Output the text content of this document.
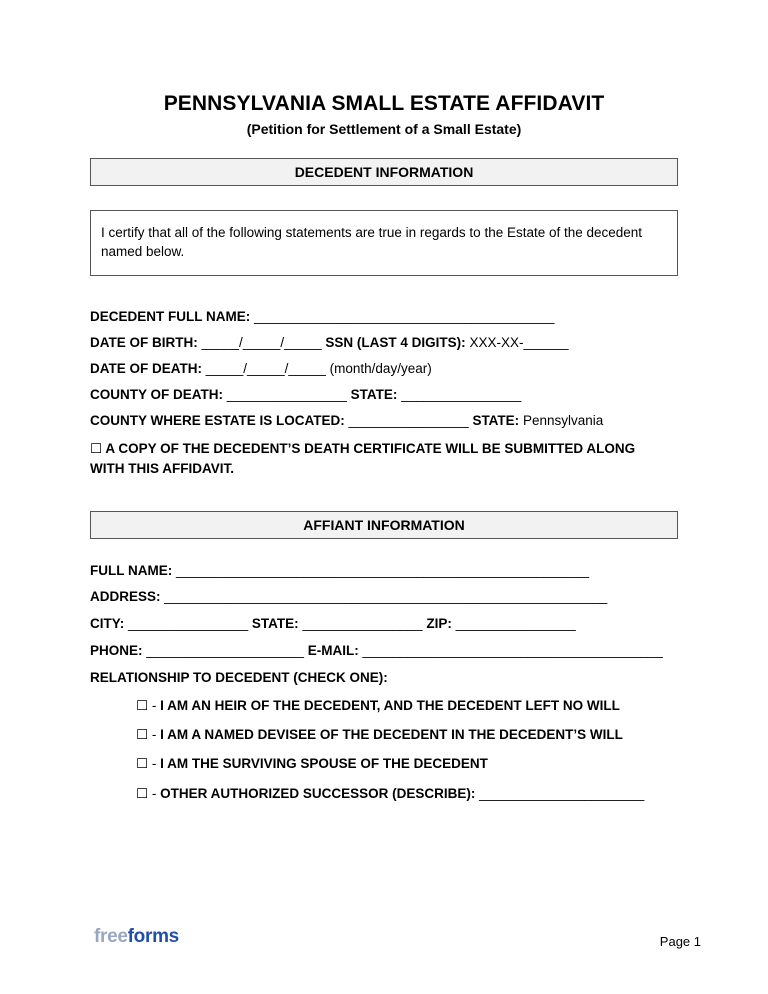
PENNSYLVANIA SMALL ESTATE AFFIDAVIT
(Petition for Settlement of a Small Estate)
DECEDENT INFORMATION
I certify that all of the following statements are true in regards to the Estate of the decedent named below.
DECEDENT FULL NAME: ________________________________________
DATE OF BIRTH: _____/_____/_____ SSN (LAST 4 DIGITS): XXX-XX-______
DATE OF DEATH: _____/_____/_____ (month/day/year)
COUNTY OF DEATH: ________________ STATE: ________________
COUNTY WHERE ESTATE IS LOCATED: ________________ STATE: Pennsylvania
☐ A COPY OF THE DECEDENT’S DEATH CERTIFICATE WILL BE SUBMITTED ALONG WITH THIS AFFIDAVIT.
AFFIANT INFORMATION
FULL NAME: _______________________________________________________
ADDRESS: ___________________________________________________________
CITY: ________________ STATE: ________________ ZIP: ________________
PHONE: _____________________ E-MAIL: ________________________________________
RELATIONSHIP TO DECEDENT (CHECK ONE):
☐ - I AM AN HEIR OF THE DECEDENT, AND THE DECEDENT LEFT NO WILL
☐ - I AM A NAMED DEVISEE OF THE DECEDENT IN THE DECEDENT’S WILL
☐ - I AM THE SURVIVING SPOUSE OF THE DECEDENT
☐ - OTHER AUTHORIZED SUCCESSOR (DESCRIBE): ______________________
freeforms	Page 1
